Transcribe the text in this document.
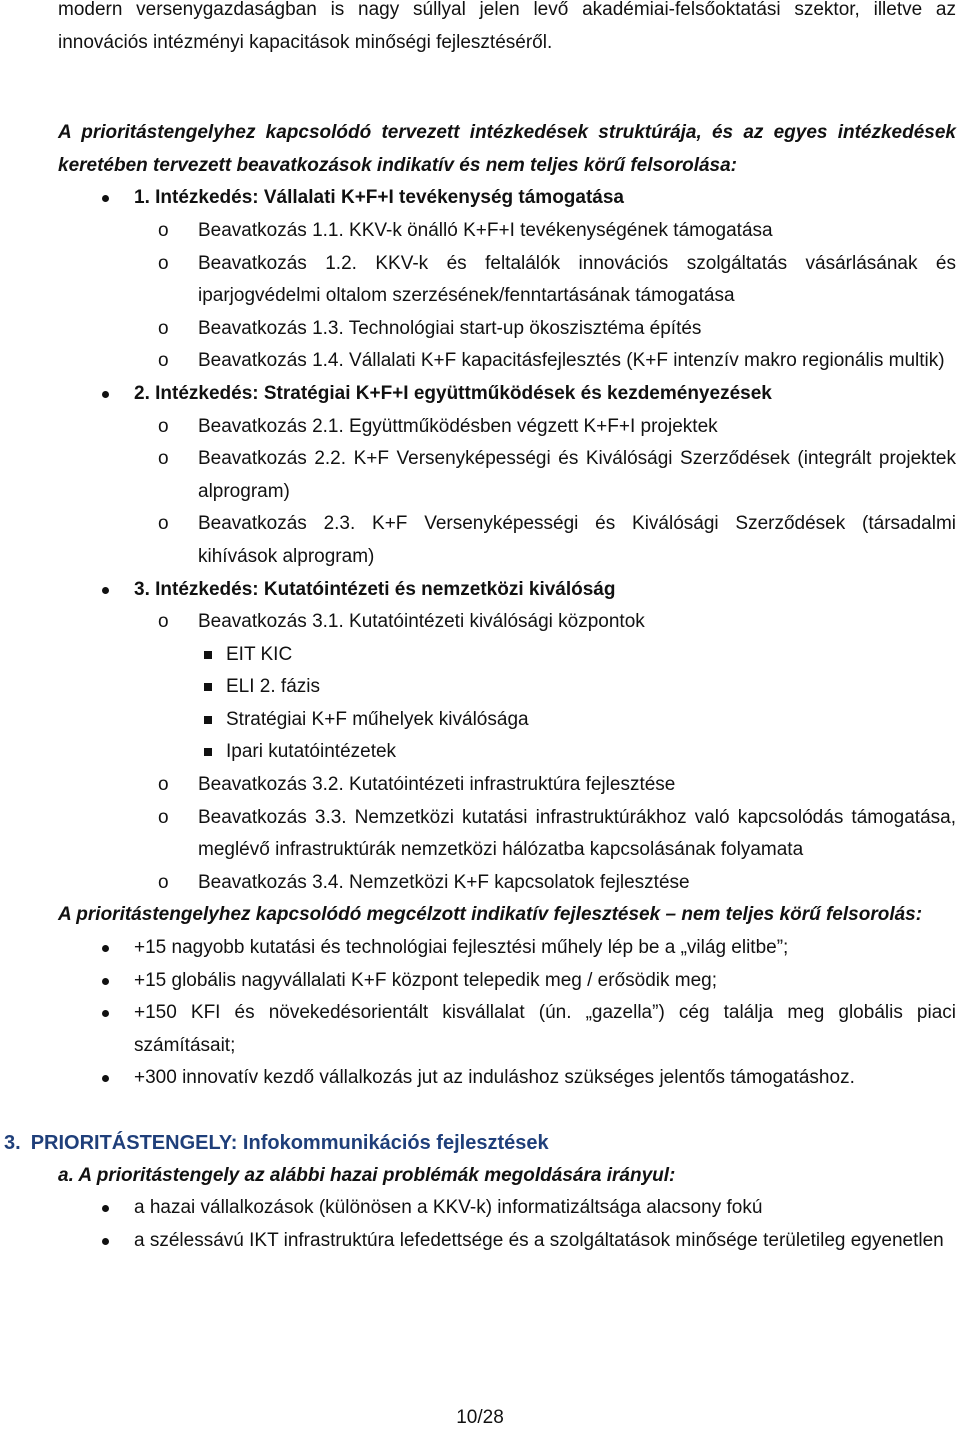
modern versenygazdaságban is nagy súllyal jelen levő akadémiai-felsőoktatási szektor, illetve az innovációs intézményi kapacitások minőségi fejlesztéséről.

A prioritástengelyhez kapcsolódó tervezett intézkedések struktúrája, és az egyes intézkedések keretében tervezett beavatkozások indikatív és nem teljes körű felsorolása:

1. Intézkedés: Vállalati K+F+I tevékenység támogatása
o Beavatkozás 1.1. KKV-k önálló K+F+I tevékenységének támogatása
o Beavatkozás 1.2. KKV-k és feltalálók innovációs szolgáltatás vásárlásának és iparjogvédelmi oltalom szerzésének/fenntartásának támogatása
o Beavatkozás 1.3. Technológiai start-up ökoszisztéma építés
o Beavatkozás 1.4. Vállalati K+F kapacitásfejlesztés (K+F intenzív makro regionális multik)
2. Intézkedés: Stratégiai K+F+I együttműködések és kezdeményezések
o Beavatkozás 2.1. Együttműködésben végzett K+F+I projektek
o Beavatkozás 2.2. K+F Versenyképességi és Kiválósági Szerződések (integrált projektek alprogram)
o Beavatkozás 2.3. K+F Versenyképességi és Kiválósági Szerződések (társadalmi kihívások alprogram)
3. Intézkedés: Kutatóintézeti és nemzetközi kiválóság
o Beavatkozás 3.1. Kutatóintézeti kiválósági központok
EIT KIC
ELI 2. fázis
Stratégiai K+F műhelyek kiválósága
Ipari kutatóintézetek
o Beavatkozás 3.2. Kutatóintézeti infrastruktúra fejlesztése
o Beavatkozás 3.3. Nemzetközi kutatási infrastruktúrákhoz való kapcsolódás támogatása, meglévő infrastruktúrák nemzetközi hálózatba kapcsolásának folyamata
o Beavatkozás 3.4. Nemzetközi K+F kapcsolatok fejlesztése

A prioritástengelyhez kapcsolódó megcélzott indikatív fejlesztések – nem teljes körű felsorolás:

+15 nagyobb kutatási és technológiai fejlesztési műhely lép be a „világ elitbe”;
+15 globális nagyvállalati K+F központ telepedik meg / erősödik meg;
+150 KFI és növekedésorientált kisvállalat (ún. „gazella”) cég találja meg globális piaci számításait;
+300 innovatív kezdő vállalkozás jut az induláshoz szükséges jelentős támogatáshoz.
3. PRIORITÁSTENGELY: Infokommunikációs fejlesztések

a. A prioritástengely az alábbi hazai problémák megoldására irányul:

a hazai vállalkozások (különösen a KKV-k) informatizáltsága alacsony fokú
a szélessávú IKT infrastruktúra lefedettsége és a szolgáltatások minősége területileg egyenetlen
10/28
